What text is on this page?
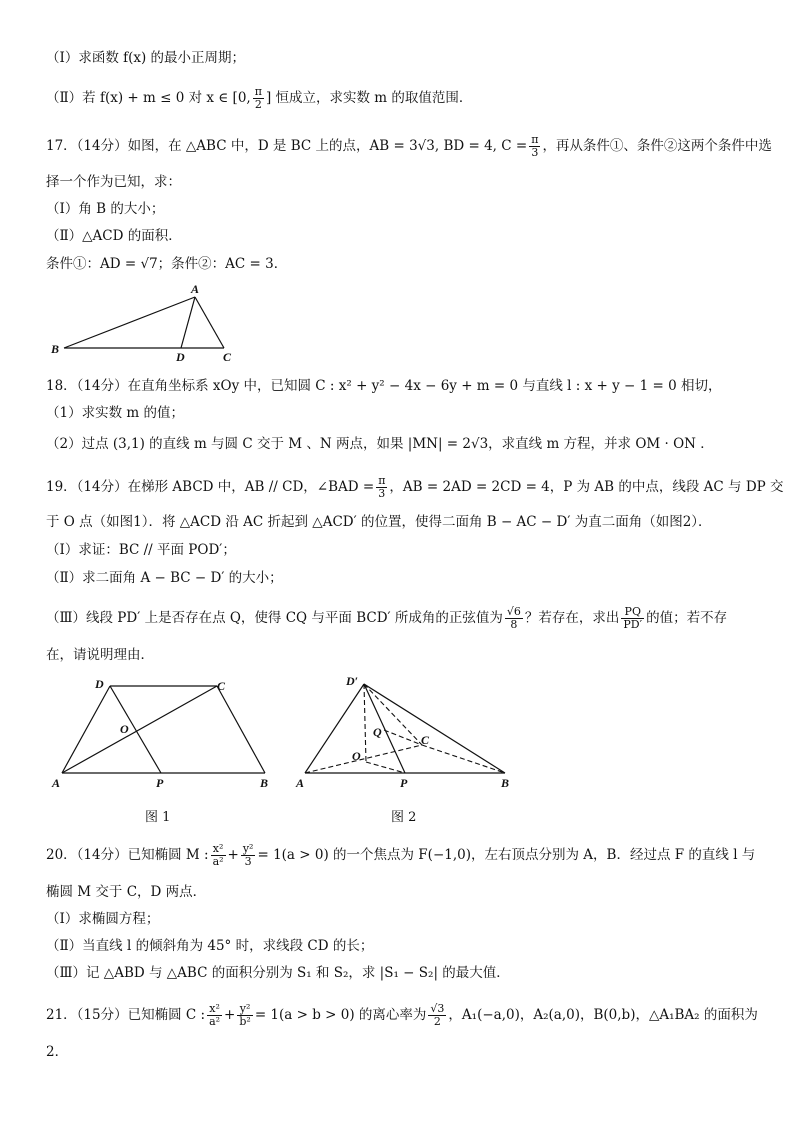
（Ⅰ）求函数 f(x) 的最小正周期；
（Ⅱ）若 f(x) + m ≤ 0 对 x ∈ [0, $\frac{\pi}{2}$ ] 恒成立，求实数 m 的取值范围．
17．（14分）如图，在 △ABC 中，D 是 BC 上的点，AB = 3√3, BD = 4, $C = \frac{\pi}{3}$ ，再从条件①、条件②这两个条件中选
择一个作为已知，求：
（Ⅰ）角 B 的大小；
（Ⅱ）△ACD 的面积．
条件①：AD = √7；条件②：AC = 3．
A
B
D	C
18．（14分）在直角坐标系 xOy 中，已知圆 C : x² + y² − 4x − 6y + m = 0 与直线 l : x + y − 1 = 0 相切，
（1）求实数 m 的值；
（2）过点 (3,1) 的直线 m 与圆 C 交于 M 、N 两点，如果 |MN| = 2√3，求直线 m 方程，并求 OM · ON ．
19．（14分）在梯形 ABCD 中，AB // CD，∠BAD = $\frac{\pi}{3}$ ，AB = 2AD = 2CD = 4，P 为 AB 的中点，线段 AC 与 DP 交
于 O 点（如图1）．将 △ACD 沿 AC 折起到 △ACD′ 的位置，使得二面角 B − AC − D′ 为直二面角（如图2）．
（Ⅰ）求证：BC // 平面 POD′；
（Ⅱ）求二面角 A − BC − D′ 的大小；
（Ⅲ）线段 PD′ 上是否存在点 Q，使得 CQ 与平面 BCD′ 所成角的正弦值为 $\frac{√6}{8}$ ？若存在，求出 $\frac{PQ}{PD'}$ 的值；若不存
在，请说明理由．
D	C
O
A	P	B
图 1
D′
Q
C
O
A	P	B
图 2
20．（14分）已知椭圆 M : $\frac{\text{x²}}{\text{a²}} + \frac{\text{y²}}{3} = 1(a > 0)$ 的一个焦点为 F(−1,0)，左右顶点分别为 A，B．经过点 F 的直线 l 与
椭圆 M 交于 C，D 两点．
（Ⅰ）求椭圆方程；
（Ⅱ）当直线 l 的倾斜角为 45° 时，求线段 CD 的长；
（Ⅲ）记 △ABD 与 △ABC 的面积分别为 S₁ 和 S₂，求 |S₁ − S₂| 的最大值．
21．（15分）已知椭圆 C : $\frac{\text{x²}}{\text{a²}} + \frac{\text{y²}}{\text{b²}} = 1(a > b > 0)$ 的离心率为 $\frac{√3}{2}$ ，A₁(−a,0)，A₂(a,0)，B(0,b)，△A₁BA₂ 的面积为
2．
